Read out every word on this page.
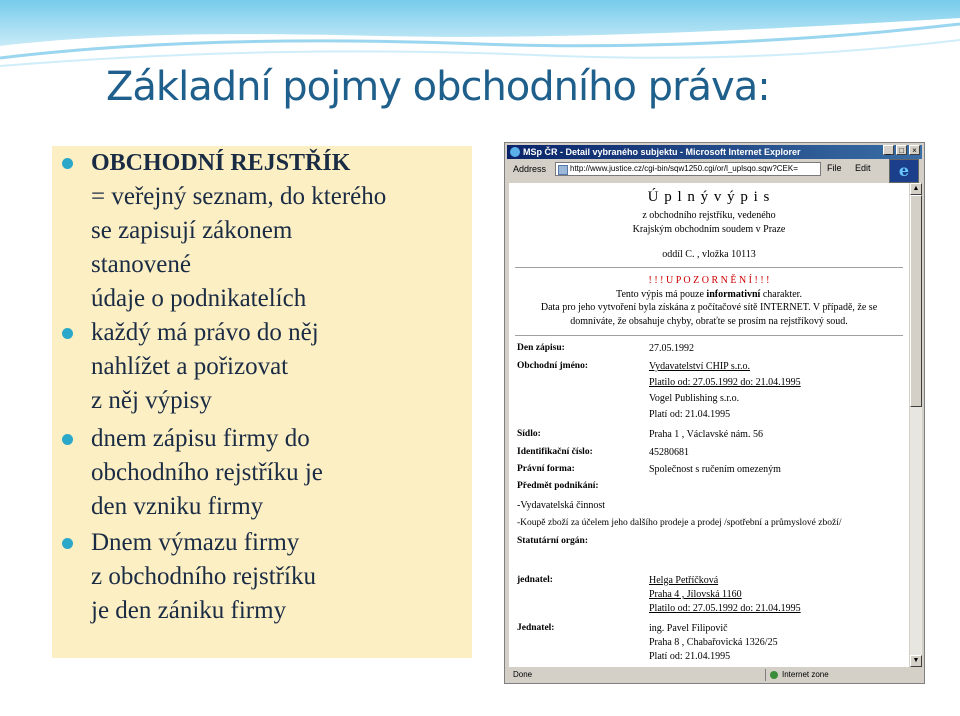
Základní pojmy obchodního práva:
OBCHODNÍ REJSTŘÍK
= veřejný seznam, do kterého
se zapisují zákonem
stanovené
údaje o podnikatelích
každý má právo do něj
nahlížet a pořizovat
z něj výpisy
dnem zápisu firmy do
obchodního rejstříku je
den vzniku firmy
Dnem výmazu firmy
z obchodního rejstříku
je den zániku firmy
MSp ČR - Detail vybraného subjektu - Microsoft Internet Explorer	_	□	×
Address	http://www.justice.cz/cgi-bin/sqw1250.cgi/or/l_uplsqo.sqw?CEK=	File Edit	e
Ú p l n ý v ý p i s
z obchodního rejstříku, vedeného
Krajským obchodním soudem v Praze
oddíl C. , vložka 10113
! ! ! U P O Z O R N Ě N Í ! ! !
Tento výpis má pouze informativní charakter.
Data pro jeho vytvoření byla získána z počítačové sítě INTERNET. V případě, že se
domníváte, že obsahuje chyby, obraťte se prosím na rejstříkový soud.
Den zápisu:	27.05.1992
Obchodní jméno:	Vydavatelství CHIP s.r.o.
Platilo od: 27.05.1992 do: 21.04.1995
Vogel Publishing s.r.o.
Platí od: 21.04.1995
Sídlo:	Praha 1 , Václavské nám. 56
Identifikační číslo:	45280681
Právní forma:	Společnost s ručením omezeným
Předmět podnikání:
-Vydavatelská činnost
-Koupě zboží za účelem jeho dalšího prodeje a prodej /spotřební a průmyslové zboží/
Statutární orgán:
jednatel:	Helga Petříčková
Praha 4 , Jílovská 1160
Platilo od: 27.05.1992 do: 21.04.1995
Jednatel:	ing. Pavel Filipovič
Praha 8 , Chabařovická 1326/25
Platí od: 21.04.1995
▲
▼
Done	Internet zone
